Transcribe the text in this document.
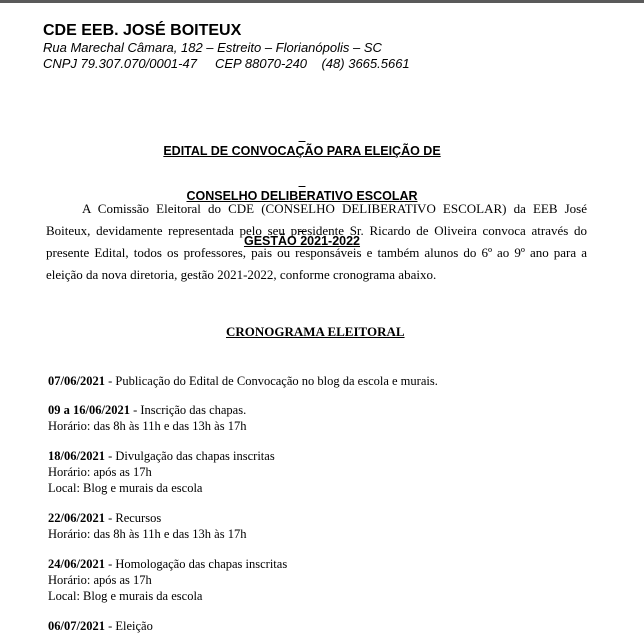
CDE EEB. JOSÉ BOITEUX
Rua Marechal Câmara, 182 – Estreito – Florianópolis – SC
CNPJ 79.307.070/0001-47     CEP 88070-240    (48) 3665.5661

EDITAL DE CONVOCAÇÃO PARA ELEIÇÃO DE

CONSELHO DELIBERATIVO ESCOLAR

GESTÃO 2021-2022

A Comissão Eleitoral do CDE (CONSELHO DELIBERATIVO ESCOLAR) da EEB José
Boiteux, devidamente representada pelo seu presidente Sr. Ricardo de Oliveira convoca através do
presente Edital, todos os professores, pais ou responsáveis e também alunos do 6º ao 9º ano para a
eleição da nova diretoria, gestão 2021-2022, conforme cronograma abaixo.
CRONOGRAMA ELEITORAL
07/06/2021 - Publicação do Edital de Convocação no blog da escola e murais.
09 a 16/06/2021 - Inscrição das chapas.
Horário: das 8h às 11h e das 13h às 17h
18/06/2021 - Divulgação das chapas inscritas
Horário: após as 17h
Local: Blog e murais da escola
22/06/2021 - Recursos
Horário: das 8h às 11h e das 13h às 17h
24/06/2021 - Homologação das chapas inscritas
Horário: após as 17h
Local: Blog e murais da escola
06/07/2021 - Eleição
